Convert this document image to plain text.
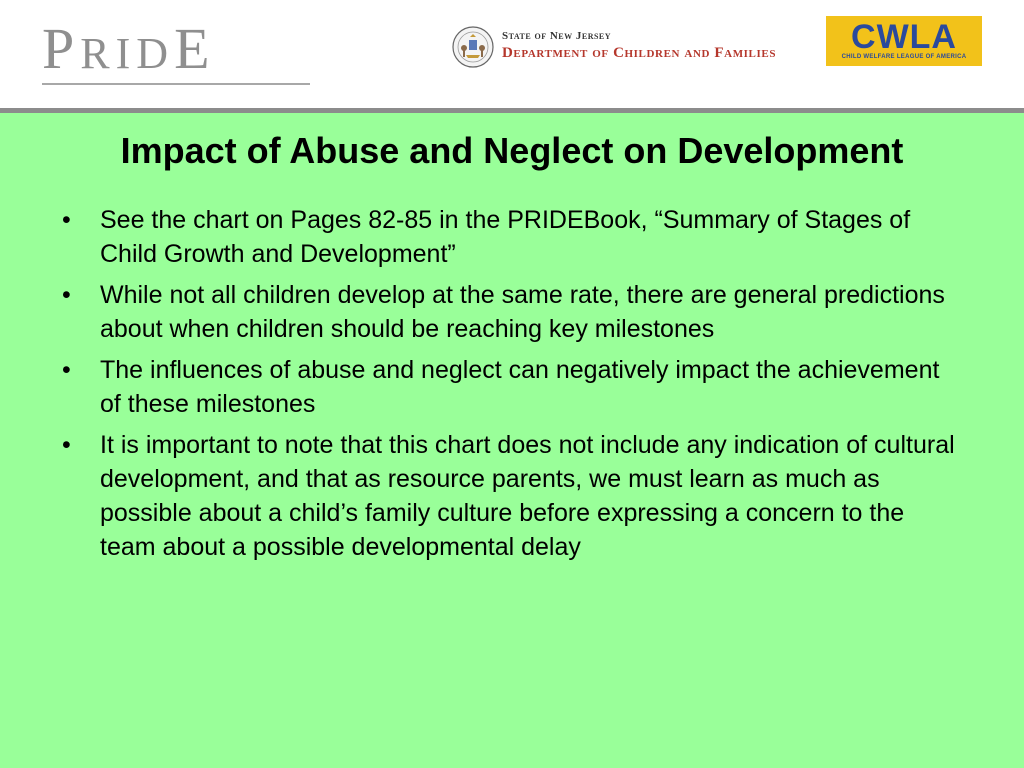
PRIDE	State of New Jersey
Department of Children and Families	CWLA
CHILD WELFARE LEAGUE OF AMERICA
Impact of Abuse and Neglect on Development
• See the chart on Pages 82-85 in the PRIDEBook, “Summary of Stages of Child Growth and Development”
• While not all children develop at the same rate, there are general predictions about when children should be reaching key milestones
• The influences of abuse and neglect can negatively impact the achievement of these milestones
• It is important to note that this chart does not include any indication of cultural development, and that as resource parents, we must learn as much as possible about a child’s family culture before expressing a concern to the team about a possible developmental delay
